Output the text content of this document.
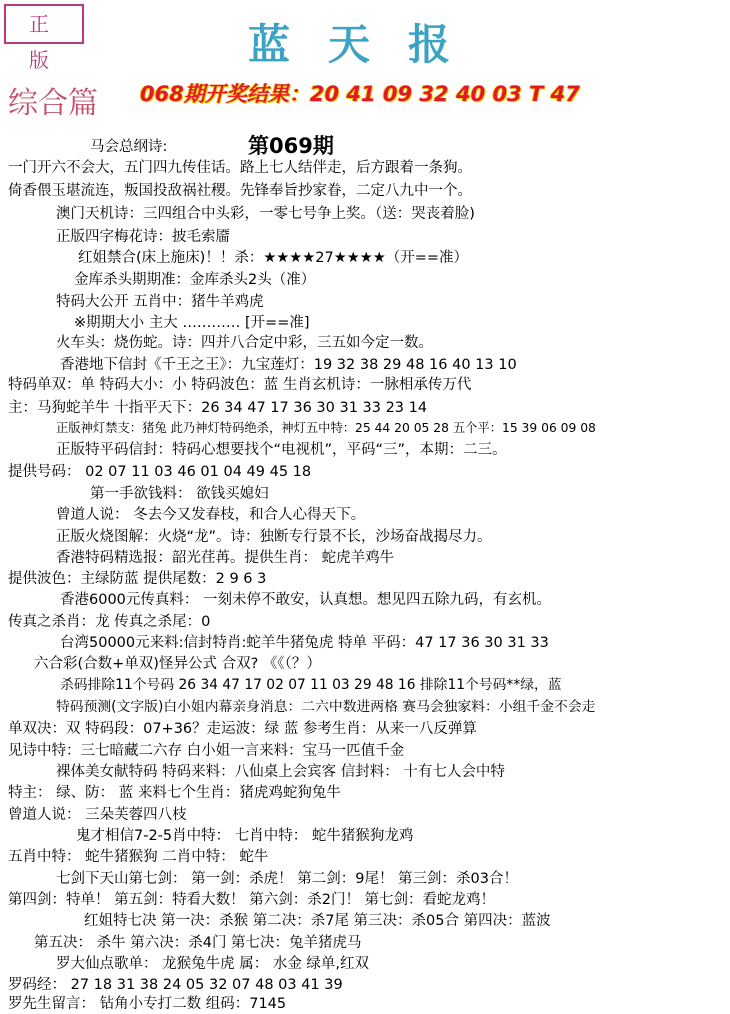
正 版	蓝天报
综合篇 068期开奖结果：20 41 09 32 40 03 T 47
第069期
马会总纲诗:
一门开六不会大，五门四九传佳话。路上七人结伴走，后方跟着一条狗。
倚香偎玉堪流连，叛国投敌祸社稷。先锋奉旨抄家眷，二定八九中一个。
澳门天机诗：三四组合中头彩，一零七号争上奖。（送：哭丧着脸)
正版四字梅花诗：披毛索靥
红姐禁合(床上施床)！！杀：★★★★27★★★★（开==准）
金库杀头期期准：金库杀头2头（准）
特码大公开 五肖中：猪牛羊鸡虎
※期期大小 主大 ………… [开==准]
火车头：烧伤蛇。诗：四并八合定中彩，三五如今定一数。
香港地下信封《千王之王》：九宝莲灯：19 32 38 29 48 16 40 13 10
特码单双：单 特码大小：小 特码波色：蓝 生肖玄机诗：一脉相承传万代
主：马狗蛇羊牛 十指平天下：26 34 47 17 36 30 31 33 23 14
正版神灯禁支：猪兔 此乃神灯特码绝杀，神灯五中特：25 44 20 05 28 五个平：15 39 06 09 08
正版特平码信封：特码心想要找个“电视机”，平码“三”，本期：二三。
提供号码： 02 07 11 03 46 01 04 49 45 18
第一手欲钱料： 欲钱买媳妇
曾道人说： 冬去今又发春枝，和合人心得天下。
正版火烧图解：火烧“龙”。诗：独断专行景不长，沙场奋战揭尽力。
香港特码精选报：韶光荏苒。提供生肖： 蛇虎羊鸡牛
提供波色：主绿防蓝 提供尾数：2 9 6 3
香港6000元传真料： 一刻未停不敢安，认真想。想见四五除九码，有玄机。
传真之杀肖：龙 传真之杀尾：0
台湾50000元来料:信封特肖:蛇羊牛猪兔虎 特单 平码：47 17 36 30 31 33
六合彩(合数+单双)怪异公式 合双? 《《（？）
杀码排除11个号码 26 34 47 17 02 07 11 03 29 48 16 排除11个号码**绿，蓝
特码预测(文字版)白小姐内幕亲身消息：二六中数进两格 赛马会独家料：小组千金不会走
单双决：双 特码段：07+36？走运波：绿 蓝 参考生肖：从来一八反弹算
见诗中特：三七暗藏二六存 白小姐一言来料：宝马一匹值千金
裸体美女献特码 特码来料：八仙桌上会宾客 信封料： 十有七人会中特
特主： 绿、防： 蓝 来料七个生肖：猪虎鸡蛇狗兔牛
曾道人说： 三朵芙蓉四八枝
鬼才相信7-2-5肖中特： 七肖中特： 蛇牛猪猴狗龙鸡
五肖中特： 蛇牛猪猴狗 二肖中特： 蛇牛
七剑下天山第七剑： 第一剑：杀虎！ 第二剑：9尾！ 第三剑：杀03合！
第四剑：特单！ 第五剑：特看大数！ 第六剑：杀2门！ 第七剑：看蛇龙鸡！
红姐特七决 第一决：杀猴 第二决：杀7尾 第三决：杀05合 第四决：蓝波
第五决： 杀牛 第六决：杀4门 第七决：兔羊猪虎马
罗大仙点歌单： 龙猴兔牛虎 属： 水金 绿单,红双
罗码经： 27 18 31 38 24 05 32 07 48 03 41 39
罗先生留言： 钻角小专打二数 组码：7145
